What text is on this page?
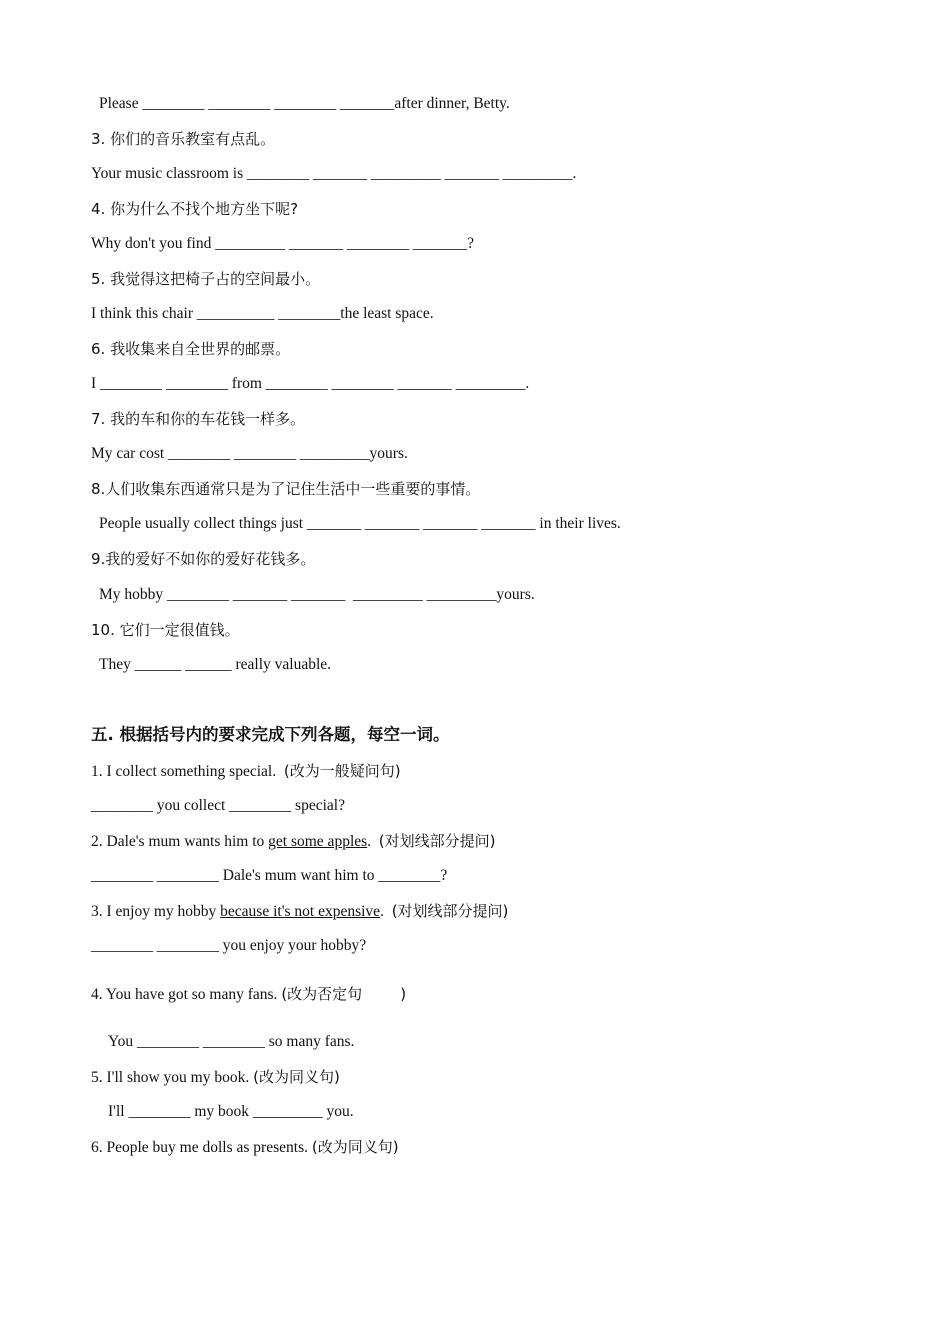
Please ________ ________ ________ _______after dinner, Betty.
3. 你们的音乐教室有点乱。
Your music classroom is ________ _______ _________ _______ _________.
4. 你为什么不找个地方坐下呢?
Why don't you find _________ _______ ________ _______?
5. 我觉得这把椅子占的空间最小。
I think this chair __________ ________the least space.
6. 我收集来自全世界的邮票。
I ________ ________ from ________ ________ _______ _________.
7. 我的车和你的车花钱一样多。
My car cost ________ ________ _________yours.
8.人们收集东西通常只是为了记住生活中一些重要的事情。
People usually collect things just _______ _______ _______ _______ in their lives.
9.我的爱好不如你的爱好花钱多。
My hobby ________ _______ _______  _________ _________yours.
10. 它们一定很值钱。
They ______ ______ really valuable.
五. 根据括号内的要求完成下列各题，每空一词。
1. I collect something special.  (改为一般疑问句)
________ you collect ________ special?
2. Dale's mum wants him to get some apples.  (对划线部分提问)
________ ________ Dale's mum want him to ________?
3. I enjoy my hobby because it's not expensive.  (对划线部分提问)
________ ________ you enjoy your hobby?
4. You have got so many fans. (改为否定句        )
You ________ ________ so many fans.
5. I'll show you my book. (改为同义句)
I'll ________ my book _________ you.
6. People buy me dolls as presents. (改为同义句)
